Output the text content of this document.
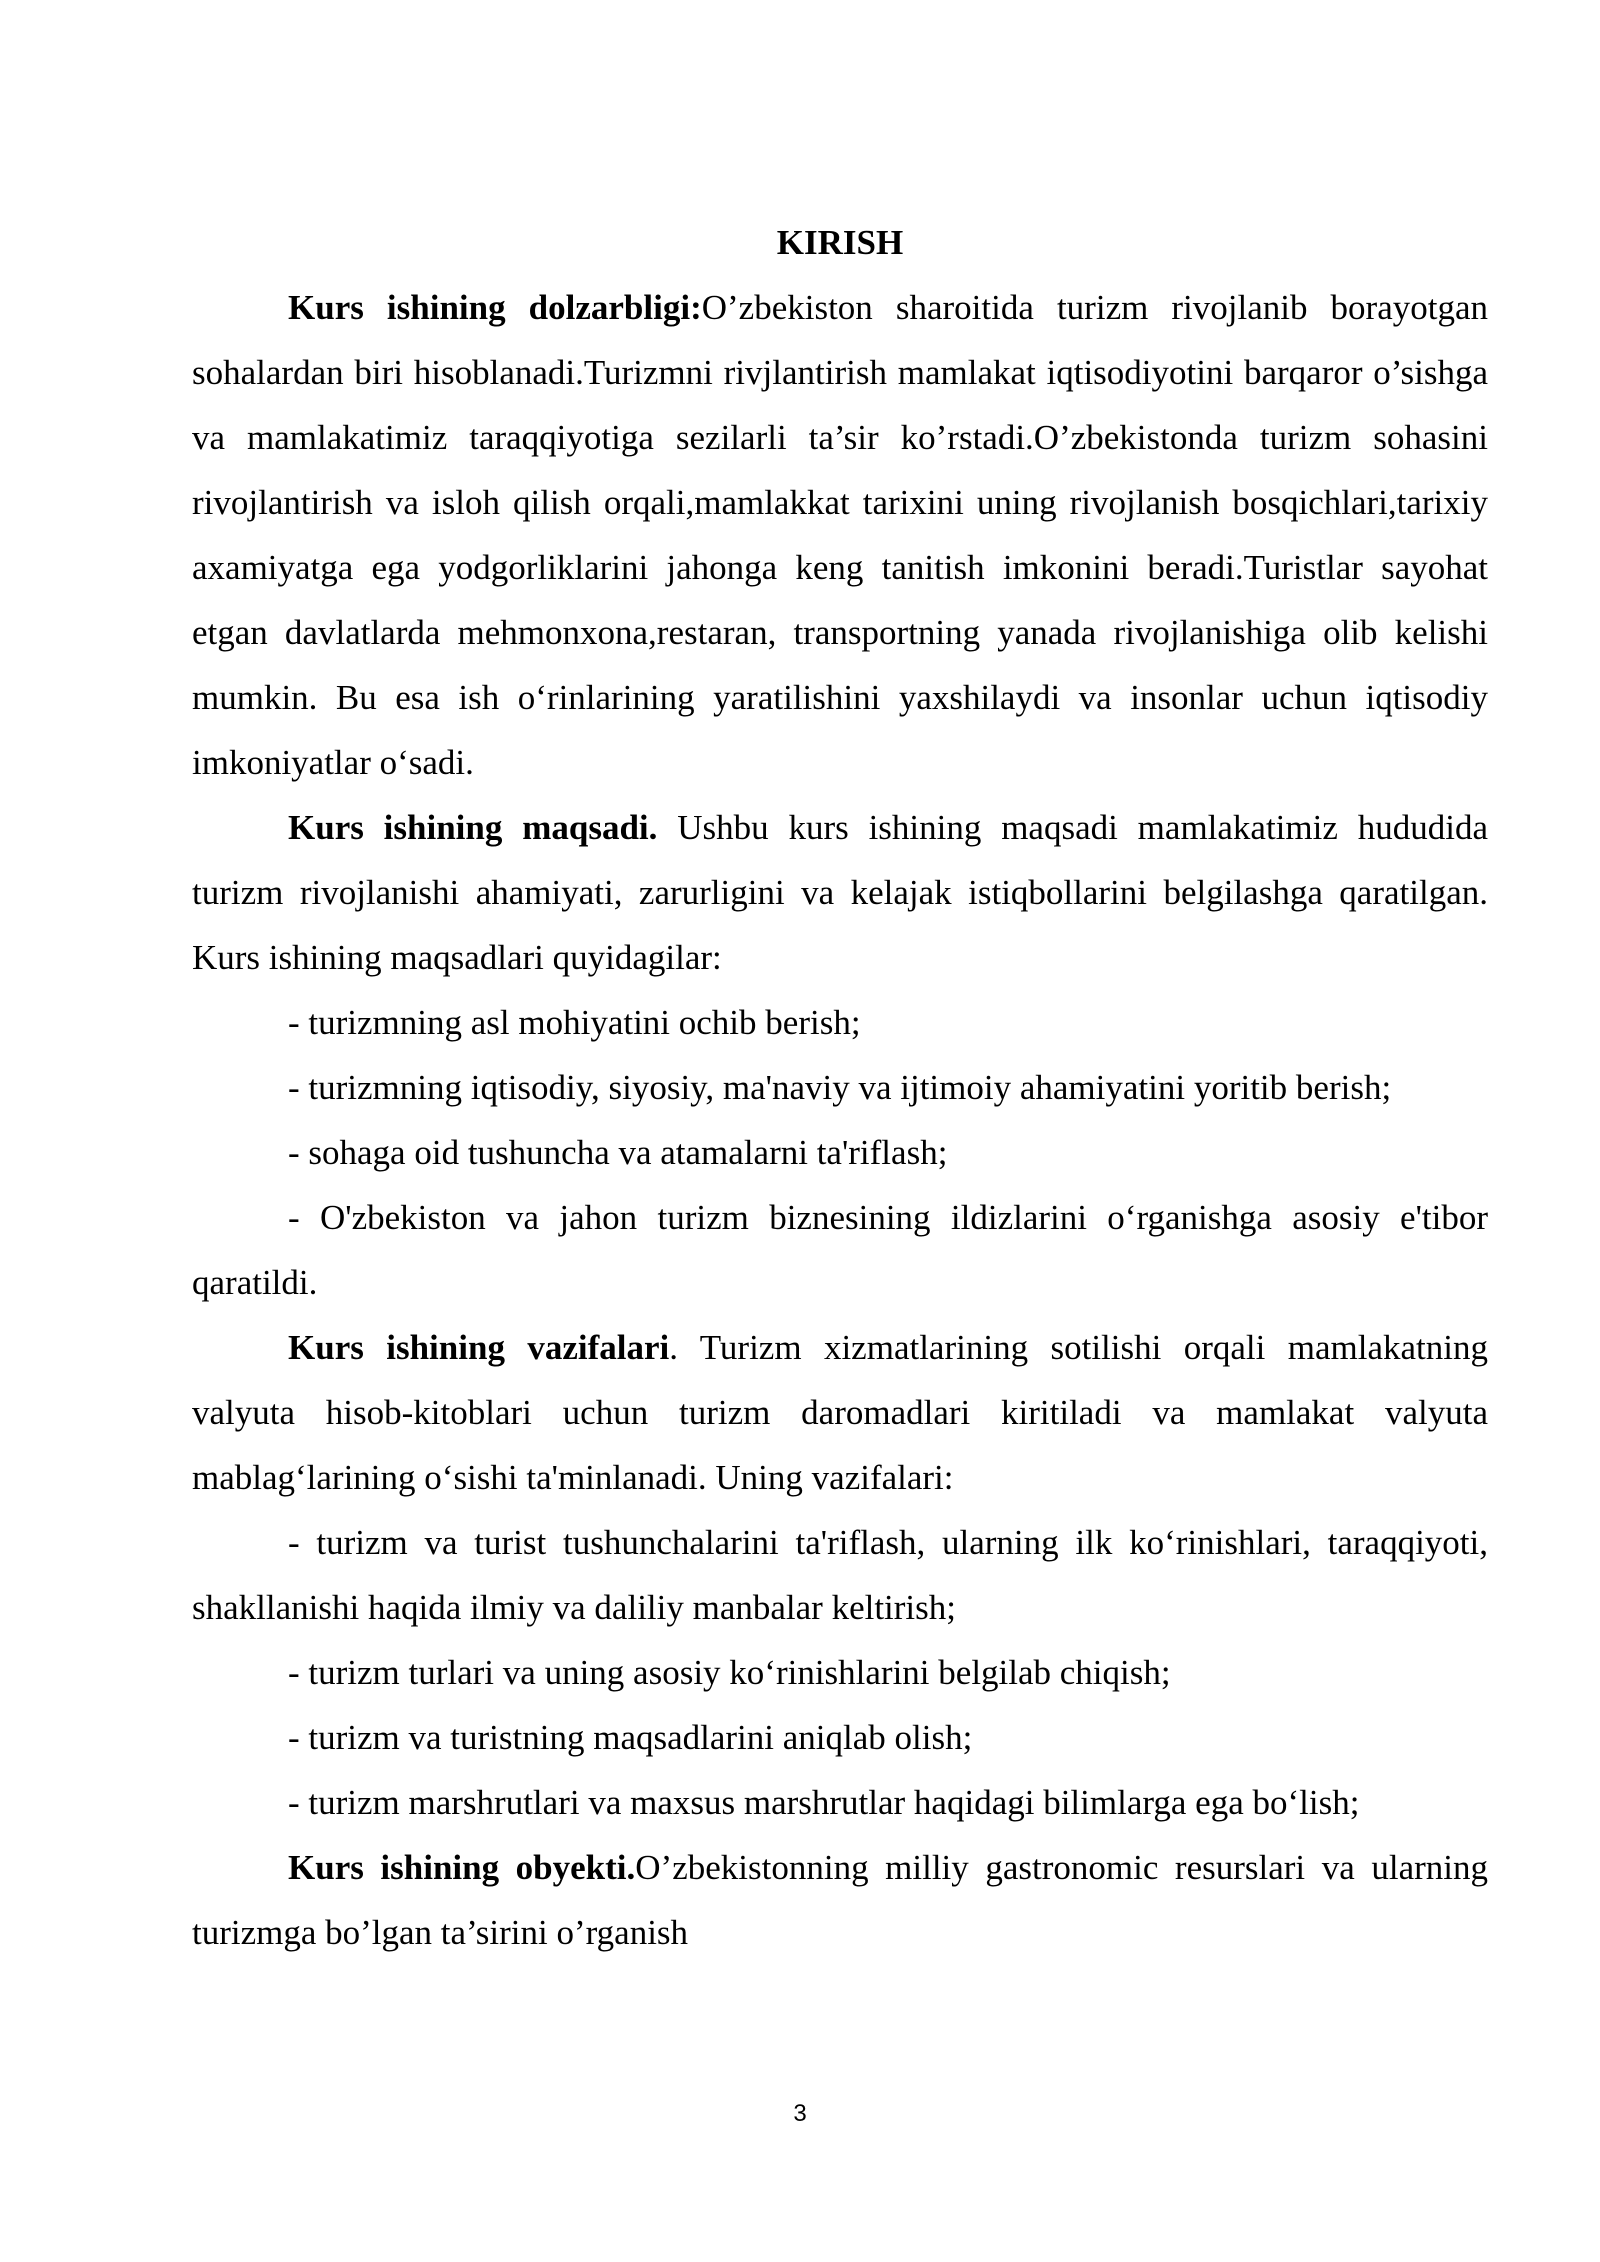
KIRISH

Kurs ishining dolzarbligi:O’zbekiston sharoitida turizm rivojlanib borayotgan sohalardan biri hisoblanadi.Turizmni rivjlantirish mamlakat iqtisodiyotini barqaror o’sishga va mamlakatimiz taraqqiyotiga sezilarli ta’sir ko’rstadi.O’zbekistonda turizm sohasini rivojlantirish va isloh qilish orqali,mamlakkat tarixini uning rivojlanish bosqichlari,tarixiy axamiyatga ega yodgorliklarini jahonga keng tanitish imkonini beradi.Turistlar sayohat etgan davlatlarda mehmonxona,restaran, transportning yanada rivojlanishiga olib kelishi mumkin. Bu esa ish o‘rinlarining yaratilishini yaxshilaydi va insonlar uchun iqtisodiy imkoniyatlar o‘sadi.

Kurs ishining maqsadi. Ushbu kurs ishining maqsadi mamlakatimiz hududida turizm rivojlanishi ahamiyati, zarurligini va kelajak istiqbollarini belgilashga qaratilgan. Kurs ishining maqsadlari quyidagilar:

- turizmning asl mohiyatini ochib berish;
- turizmning iqtisodiy, siyosiy, ma'naviy va ijtimoiy ahamiyatini yoritib berish;
- sohaga oid tushuncha va atamalarni ta'riflash;
- O'zbekiston va jahon turizm biznesining ildizlarini o‘rganishga asosiy e'tibor qaratildi.

Kurs ishining vazifalari. Turizm xizmatlarining sotilishi orqali mamlakatning valyuta hisob-kitoblari uchun turizm daromadlari kiritiladi va mamlakat valyuta mablag‘larining o‘sishi ta'minlanadi. Uning vazifalari:

- turizm va turist tushunchalarini ta'riflash, ularning ilk ko‘rinishlari, taraqqiyoti, shakllanishi haqida ilmiy va daliliy manbalar keltirish;
- turizm turlari va uning asosiy ko‘rinishlarini belgilab chiqish;
- turizm va turistning maqsadlarini aniqlab olish;
- turizm marshrutlari va maxsus marshrutlar haqidagi bilimlarga ega bo‘lish;

Kurs ishining obyekti.O’zbekistonning milliy gastronomic resurslari va ularning turizmga bo’lgan ta’sirini o’rganish

3
